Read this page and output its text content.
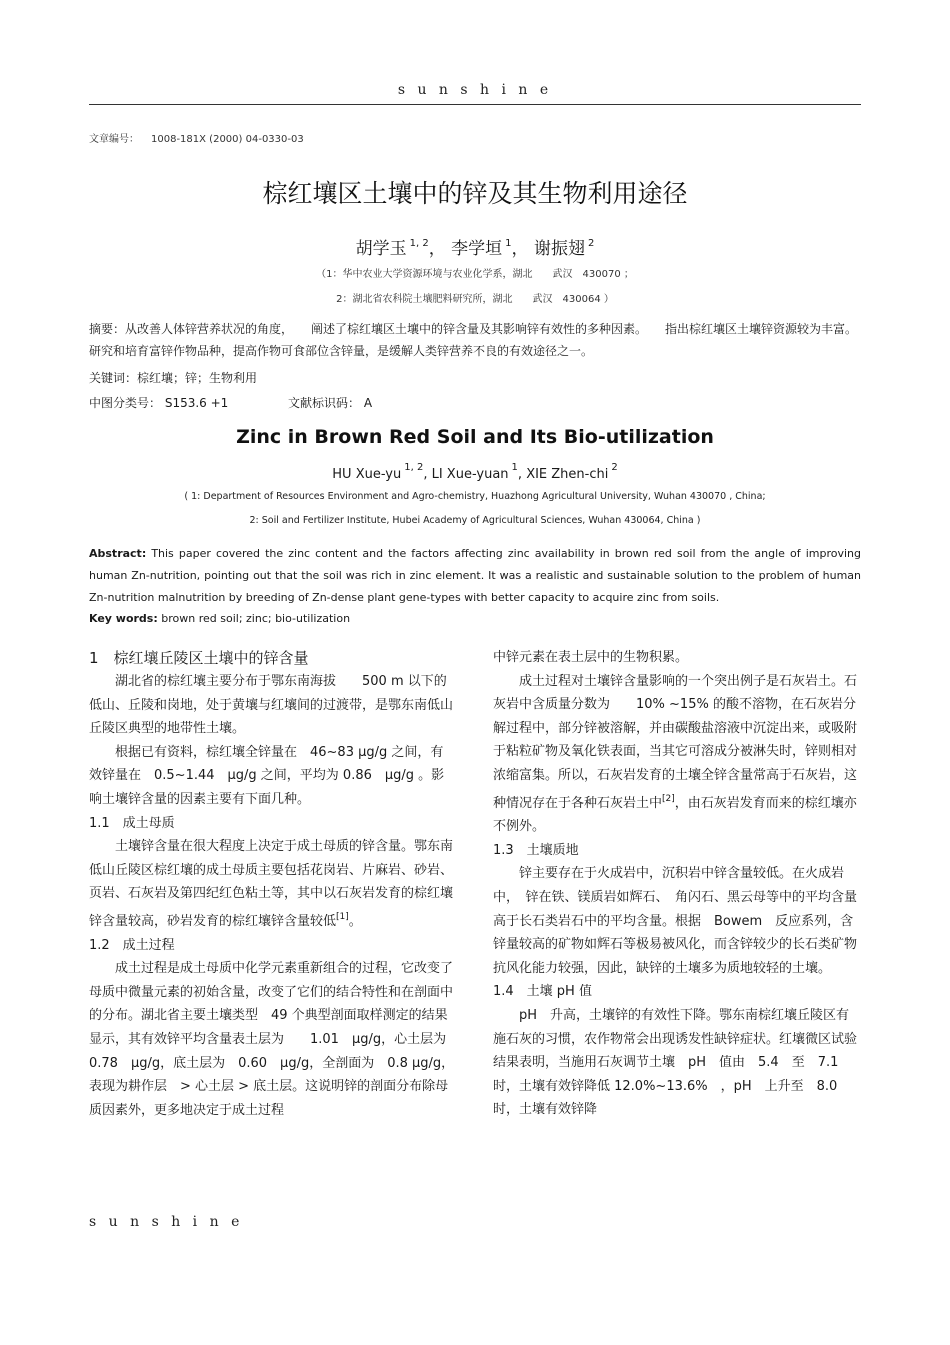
s u n s h i n e
文章编号： 1008-181X (2000) 04-0330-03
棕红壤区土壤中的锌及其生物利用途径
胡学玉 $^{1, 2}$， 李学垣 $^1$， 谢振翅 $^2$
（1：华中农业大学资源环境与农业化学系，湖北　　武汉　430070 ；
2：湖北省农科院土壤肥料研究所，湖北　　武汉　430064 ）
摘要：从改善人体锌营养状况的角度，　　阐述了棕红壤区土壤中的锌含量及其影响锌有效性的多种因素。　　指出棕红壤区土壤锌资源较为丰富。研究和培育富锌作物品种，提高作物可食部位含锌量，是缓解人类锌营养不良的有效途径之一。
关键词：棕红壤；锌；生物利用
中图分类号： S153.6 +1	文献标识码： A
Zinc in Brown Red Soil and Its Bio-utilization
HU Xue-yu $^{1, 2}$, LI Xue-yuan $^1$, XIE Zhen-chi $^2$
( 1: Department of Resources Environment and Agro-chemistry, Huazhong Agricultural University, Wuhan 430070 , China;
2: Soil and Fertilizer Institute, Hubei Academy of Agricultural Sciences, Wuhan 430064, China )
Abstract: This paper covered the zinc content and the factors affecting zinc availability in brown red soil from the angle of improving human Zn-nutrition, pointing out that the soil was rich in zinc element. It was a realistic and sustainable solution to the problem of human Zn-nutrition malnutrition by breeding of Zn-dense plant gene-types with better capacity to acquire zinc from soils.
Key words: brown red soil; zinc; bio-utilization

1　棕红壤丘陵区土壤中的锌含量

湖北省的棕红壤主要分布于鄂东南海拔　　500 m 以下的低山、丘陵和岗地，处于黄壤与红壤间的过渡带，是鄂东南低山丘陵区典型的地带性土壤。

根据已有资料，棕红壤全锌量在　46~83 μg/g 之间，有效锌量在　0.5~1.44　μg/g 之间，平均为 0.86　μg/g 。影响土壤锌含量的因素主要有下面几种。

1.1　成土母质

土壤锌含量在很大程度上决定于成土母质的锌含量。鄂东南低山丘陵区棕红壤的成土母质主要包括花岗岩、片麻岩、砂岩、页岩、石灰岩及第四纪红色粘土等，其中以石灰岩发育的棕红壤锌含量较高，砂岩发育的棕红壤锌含量较低[1]。

1.2　成土过程

成土过程是成土母质中化学元素重新组合的过程，它改变了母质中微量元素的初始含量，改变了它们的结合特性和在剖面中的分布。湖北省主要土壤类型　49 个典型剖面取样测定的结果显示，其有效锌平均含量表土层为　　1.01　μg/g，心土层为 0.78　μg/g，底土层为　0.60　μg/g，全剖面为　0.8 μg/g，表现为耕作层　> 心土层 > 底土层。这说明锌的剖面分布除母质因素外，更多地决定于成土过程

中锌元素在表土层中的生物积累。

成土过程对土壤锌含量影响的一个突出例子是石灰岩土。石灰岩中含质量分数为　　10% ~15% 的酸不溶物，在石灰岩分解过程中，部分锌被溶解，并由碳酸盐溶液中沉淀出来，或吸附于粘粒矿物及氧化铁表面，当其它可溶成分被淋失时，锌则相对浓缩富集。所以，石灰岩发育的土壤全锌含量常高于石灰岩，这种情况存在于各种石灰岩土中[2]，由石灰岩发育而来的棕红壤亦不例外。

1.3　土壤质地

锌主要存在于火成岩中，沉积岩中锌含量较低。在火成岩中，　锌在铁、镁质岩如辉石、　角闪石、黑云母等中的平均含量高于长石类岩石中的平均含量。根据　Bowem　反应系列，含锌量较高的矿物如辉石等极易被风化，而含锌较少的长石类矿物抗风化能力较强，因此，缺锌的土壤多为质地较轻的土壤。

1.4　土壤 pH 值

pH　升高，土壤锌的有效性下降。鄂东南棕红壤丘陵区有施石灰的习惯，农作物常会出现诱发性缺锌症状。红壤微区试验结果表明，当施用石灰调节土壤　pH　值由　5.4　至　7.1　时，土壤有效锌降低 12.0%~13.6%　，pH　上升至　8.0 时，土壤有效锌降

s u n s h i n e
